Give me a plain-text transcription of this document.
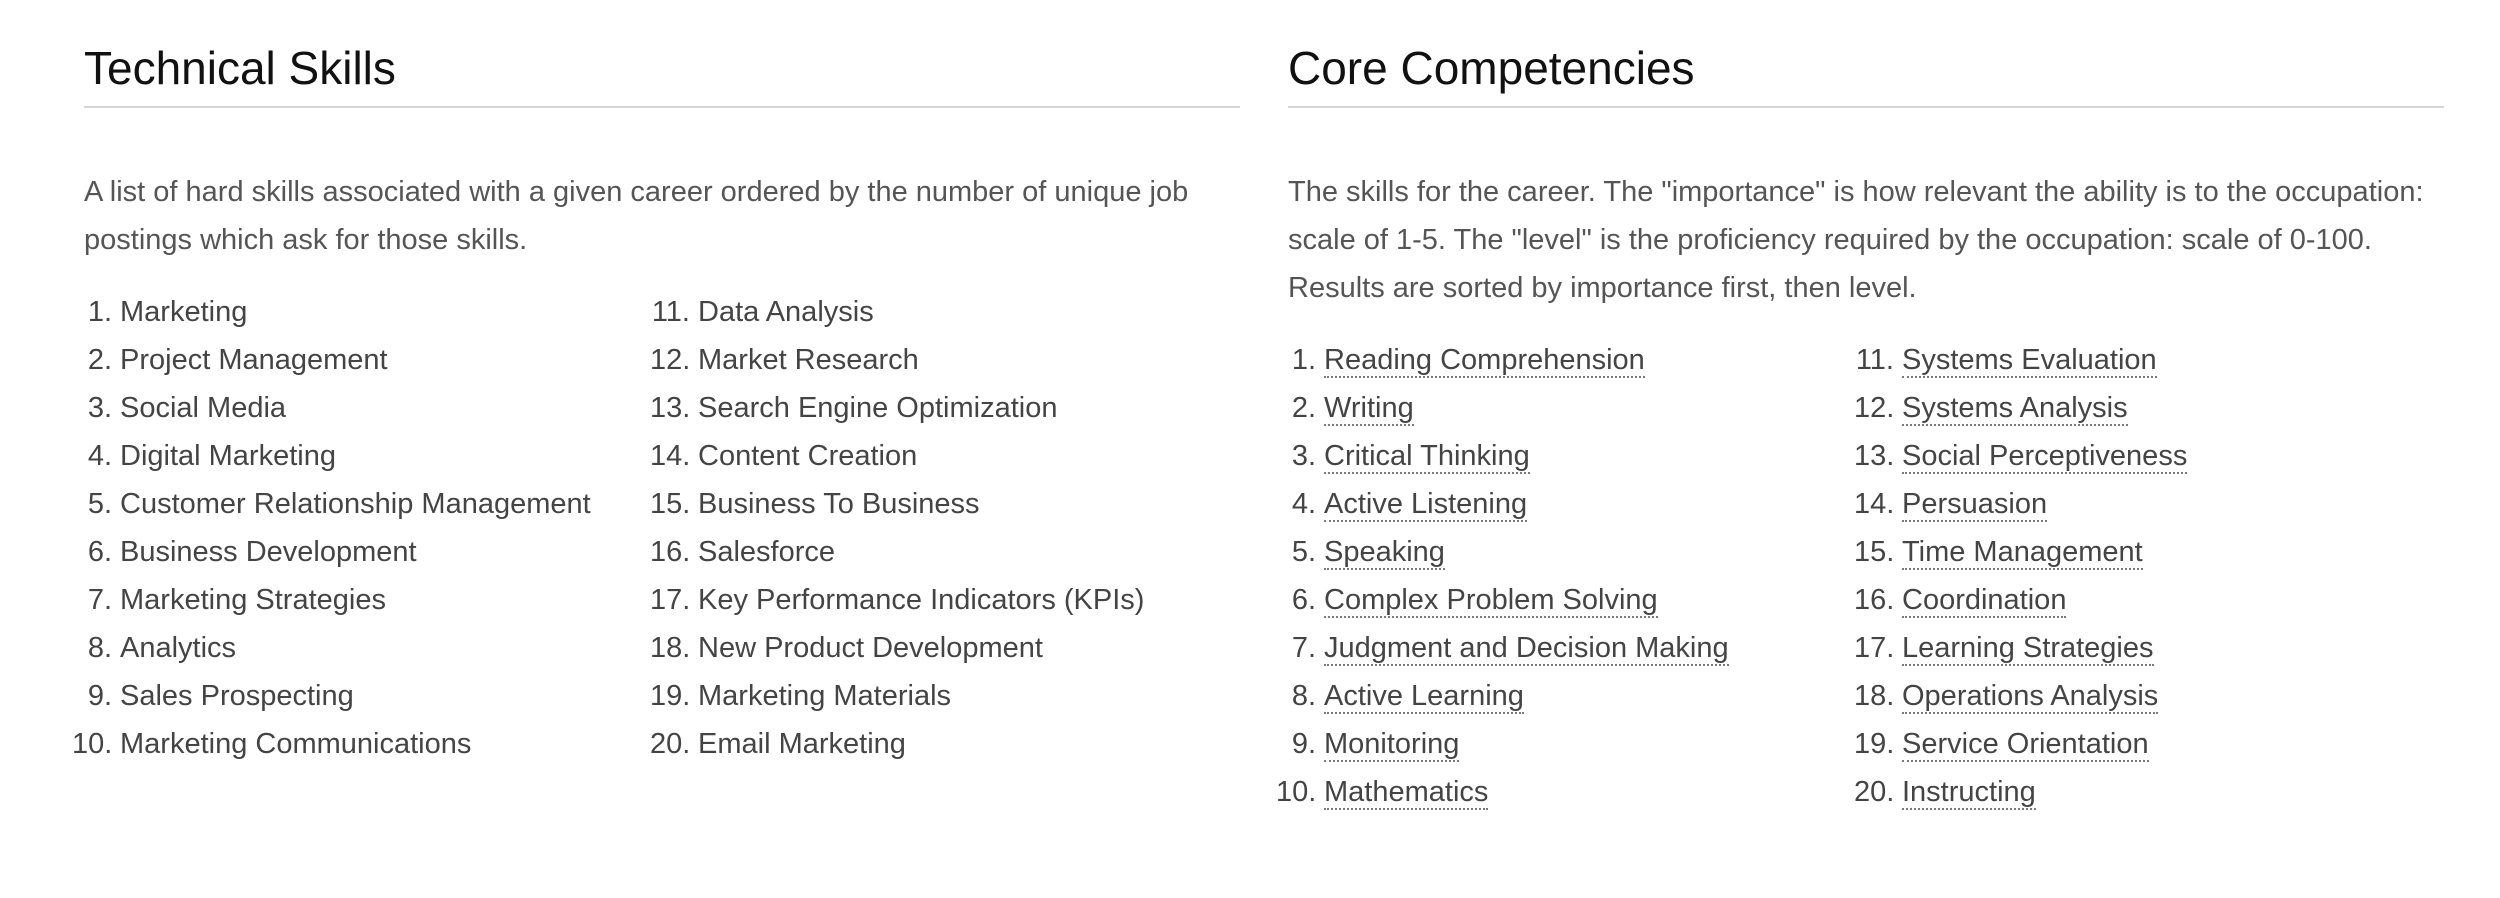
Technical Skills

A list of hard skills associated with a given career ordered by the number of unique job postings which ask for those skills.

1. Marketing
2. Project Management
3. Social Media
4. Digital Marketing
5. Customer Relationship Management
6. Business Development
7. Marketing Strategies
8. Analytics
9. Sales Prospecting
10. Marketing Communications
11. Data Analysis
12. Market Research
13. Search Engine Optimization
14. Content Creation
15. Business To Business
16. Salesforce
17. Key Performance Indicators (KPIs)
18. New Product Development
19. Marketing Materials
20. Email Marketing
Core Competencies

The skills for the career. The "importance" is how relevant the ability is to the occupation: scale of 1-5. The "level" is the proficiency required by the occupation: scale of 0-100. Results are sorted by importance first, then level.

1. Reading Comprehension
2. Writing
3. Critical Thinking
4. Active Listening
5. Speaking
6. Complex Problem Solving
7. Judgment and Decision Making
8. Active Learning
9. Monitoring
10. Mathematics
11. Systems Evaluation
12. Systems Analysis
13. Social Perceptiveness
14. Persuasion
15. Time Management
16. Coordination
17. Learning Strategies
18. Operations Analysis
19. Service Orientation
20. Instructing
